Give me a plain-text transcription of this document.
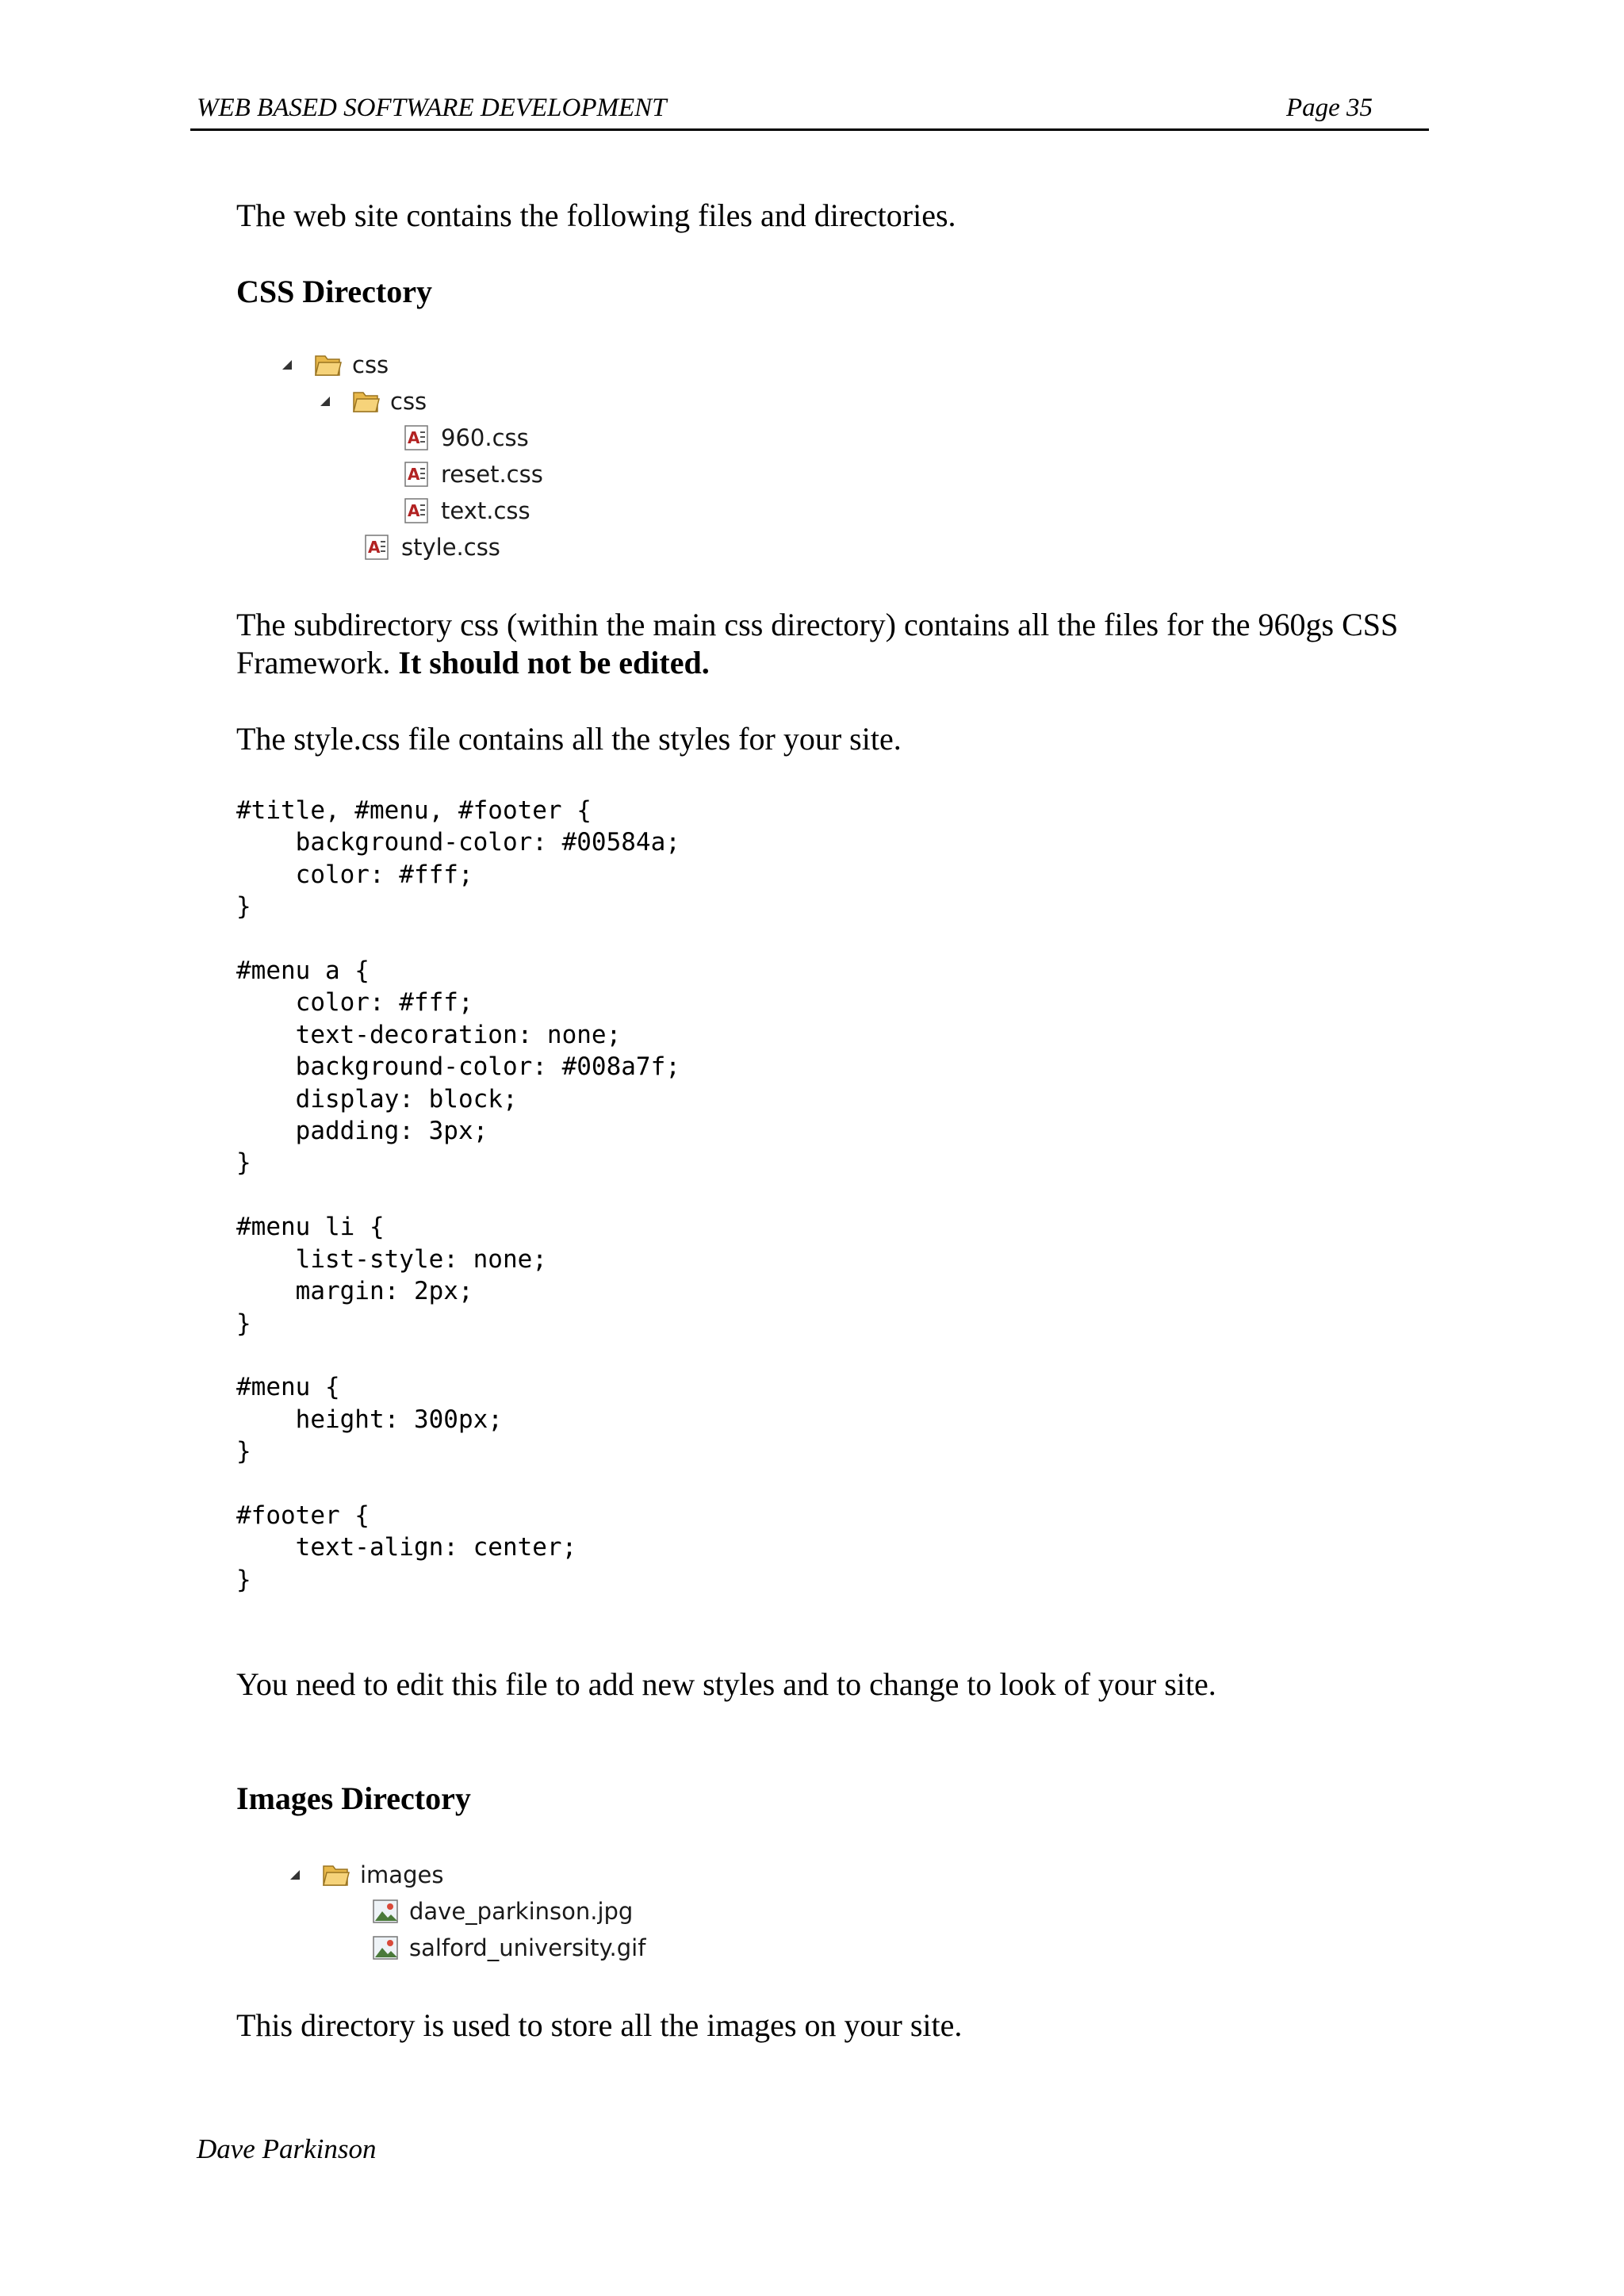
WEB BASED SOFTWARE DEVELOPMENT	Page 35
The web site contains the following files and directories.
CSS Directory
css
css
A 960.css
A reset.css
A text.css
A style.css
The subdirectory css (within the main css directory) contains all the files for the 960gs CSS Framework. It should not be edited.
The style.css file contains all the styles for your site.
#title, #menu, #footer {
background-color: #00584a;
color: #fff;
}

#menu a {
color: #fff;
text-decoration: none;
background-color: #008a7f;
display: block;
padding: 3px;
}

#menu li {
list-style: none;
margin: 2px;
}

#menu {
height: 300px;
}

#footer {
text-align: center;
}
You need to edit this file to add new styles and to change to look of your site.
Images Directory
images
dave_parkinson.jpg
salford_university.gif
This directory is used to store all the images on your site.
Dave Parkinson
